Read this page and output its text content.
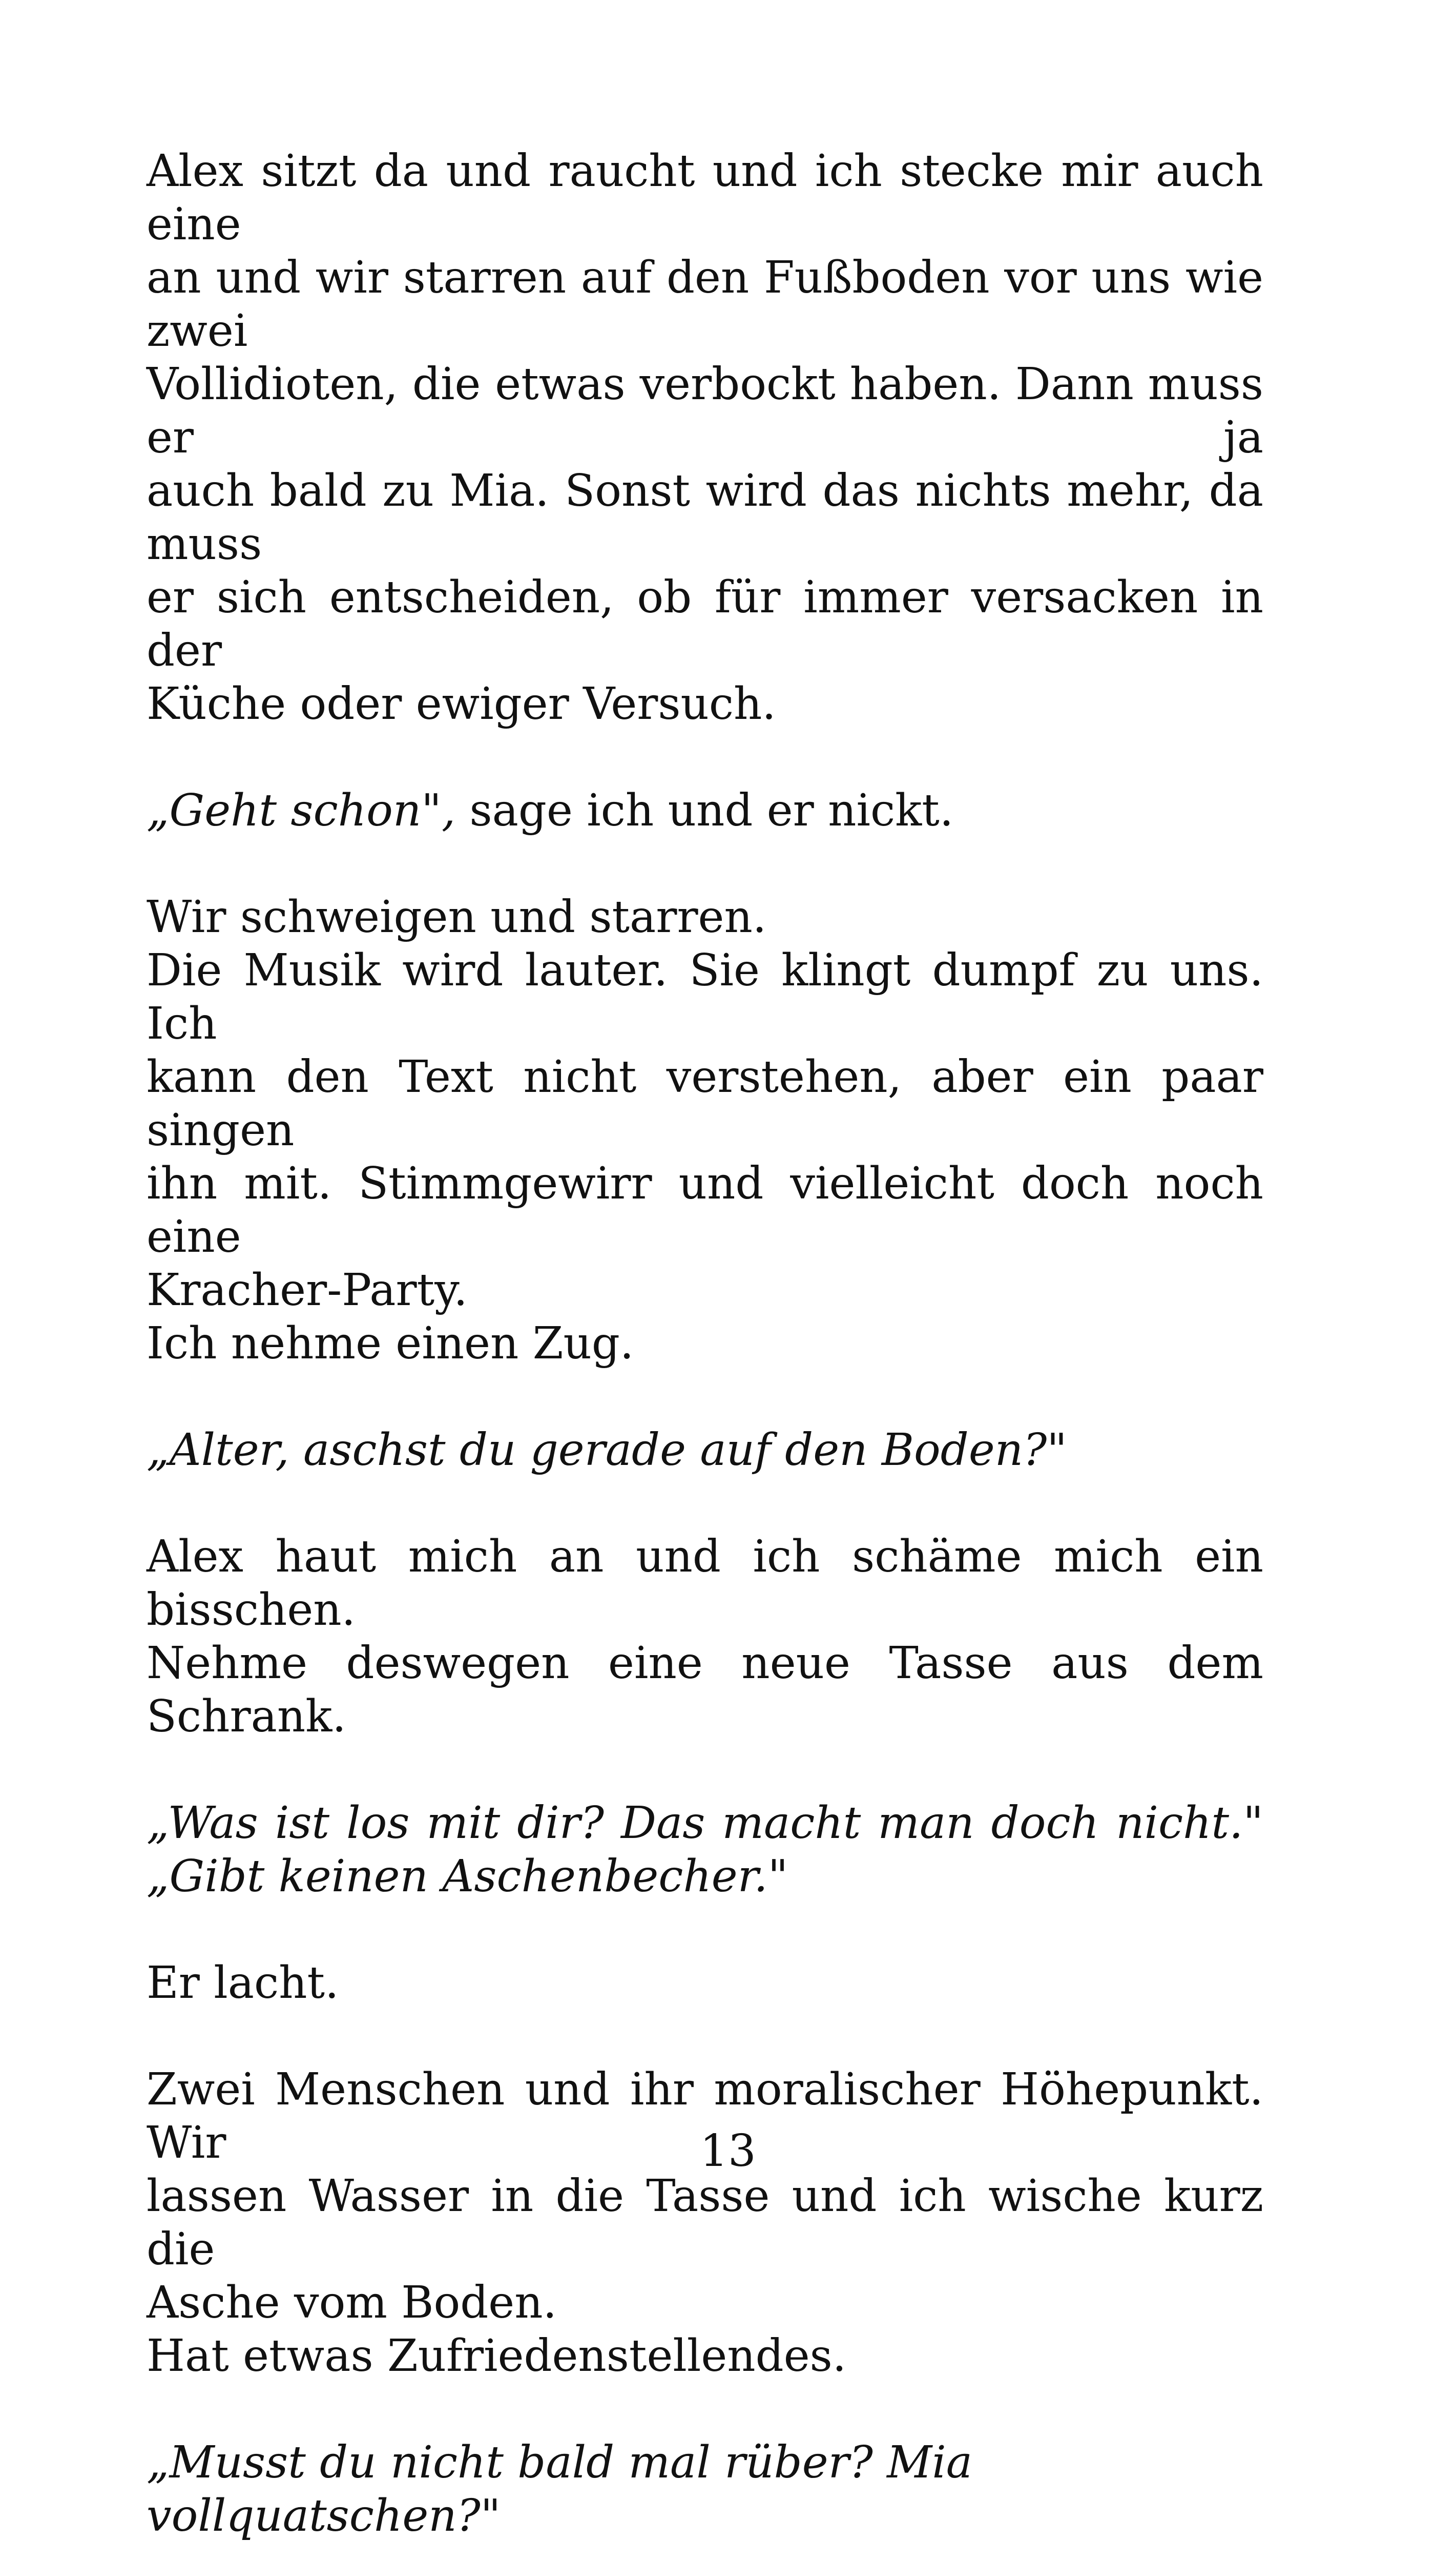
Alex sitzt da und raucht und ich stecke mir auch eine
an und wir starren auf den Fußboden vor uns wie zwei
Vollidioten, die etwas verbockt haben. Dann muss er ja
auch bald zu Mia. Sonst wird das nichts mehr, da muss
er sich entscheiden, ob für immer versacken in der
Küche oder ewiger Versuch.

„Geht schon", sage ich und er nickt.

Wir schweigen und starren.
Die Musik wird lauter. Sie klingt dumpf zu uns. Ich
kann den Text nicht verstehen, aber ein paar singen
ihn mit. Stimmgewirr und vielleicht doch noch eine
Kracher-Party.
Ich nehme einen Zug.

„Alter, aschst du gerade auf den Boden?"

Alex haut mich an und ich schäme mich ein bisschen.
Nehme deswegen eine neue Tasse aus dem Schrank.

„Was ist los mit dir? Das macht man doch nicht."
„Gibt keinen Aschenbecher."

Er lacht.

Zwei Menschen und ihr moralischer Höhepunkt. Wir
lassen Wasser in die Tasse und ich wische kurz die
Asche vom Boden.
Hat etwas Zufriedenstellendes.

„Musst du nicht bald mal rüber? Mia vollquatschen?"

13
